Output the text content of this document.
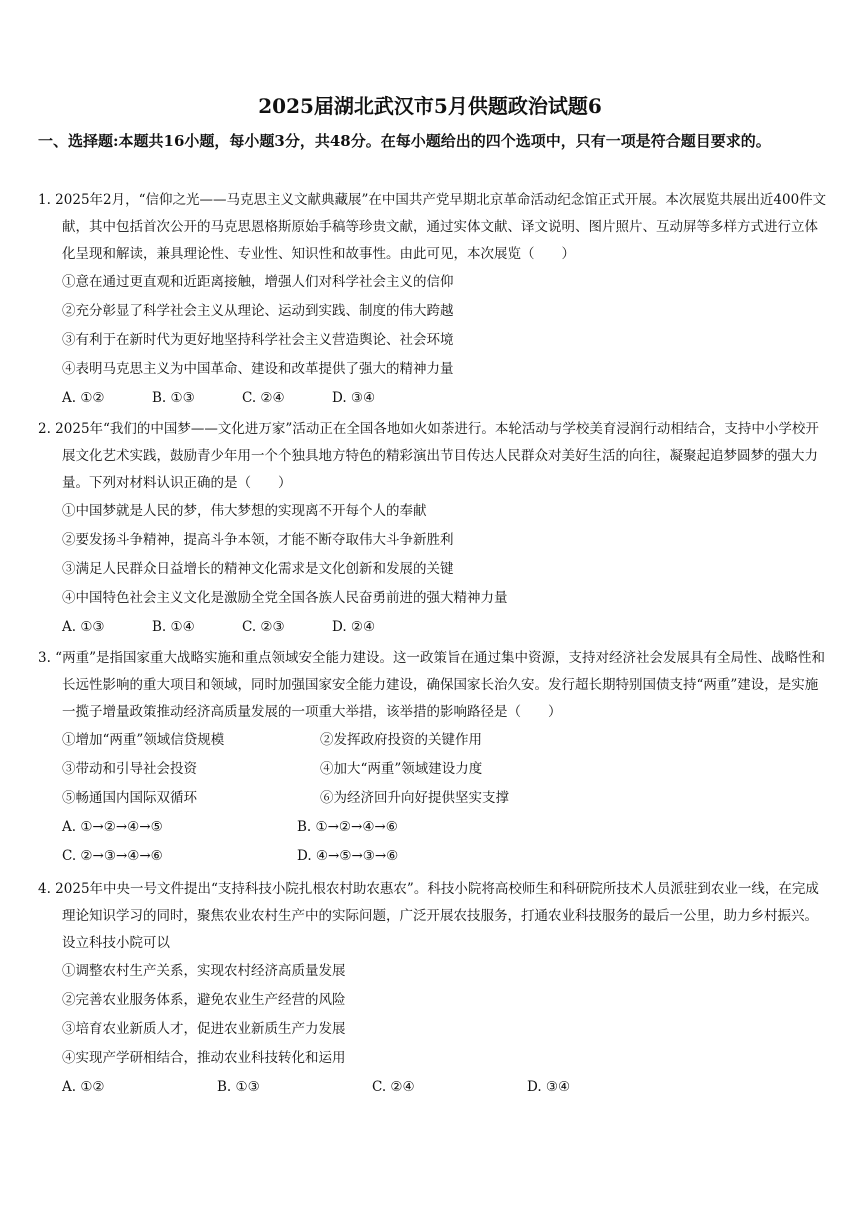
2025届湖北武汉市5月供题政治试题6
一、选择题:本题共16小题，每小题3分，共48分。在每小题给出的四个选项中，只有一项是符合题目要求的。
1. 2025年2月，“信仰之光——马克思主义文献典藏展”在中国共产党早期北京革命活动纪念馆正式开展。本次展览共展出近400件文献，其中包括首次公开的马克思恩格斯原始手稿等珍贵文献，通过实体文献、译文说明、图片照片、互动屏等多样方式进行立体化呈现和解读，兼具理论性、专业性、知识性和故事性。由此可见，本次展览（　　）
①意在通过更直观和近距离接触，增强人们对科学社会主义的信仰
②充分彰显了科学社会主义从理论、运动到实践、制度的伟大跨越
③有利于在新时代为更好地坚持科学社会主义营造舆论、社会环境
④表明马克思主义为中国革命、建设和改革提供了强大的精神力量
A. ①②	B. ①③	C. ②④	D. ③④
2. 2025年“我们的中国梦——文化进万家”活动正在全国各地如火如荼进行。本轮活动与学校美育浸润行动相结合，支持中小学校开展文化艺术实践，鼓励青少年用一个个独具地方特色的精彩演出节目传达人民群众对美好生活的向往，凝聚起追梦圆梦的强大力量。下列对材料认识正确的是（　　）
①中国梦就是人民的梦，伟大梦想的实现离不开每个人的奉献
②要发扬斗争精神，提高斗争本领，才能不断夺取伟大斗争新胜利
③满足人民群众日益增长的精神文化需求是文化创新和发展的关键
④中国特色社会主义文化是激励全党全国各族人民奋勇前进的强大精神力量
A. ①③	B. ①④	C. ②③	D. ②④
3. “两重”是指国家重大战略实施和重点领域安全能力建设。这一政策旨在通过集中资源，支持对经济社会发展具有全局性、战略性和长远性影响的重大项目和领域，同时加强国家安全能力建设，确保国家长治久安。发行超长期特别国债支持“两重”建设，是实施一揽子增量政策推动经济高质量发展的一项重大举措，该举措的影响路径是（　　）
①增加“两重”领域信贷规模	②发挥政府投资的关键作用
③带动和引导社会投资	④加大“两重”领域建设力度
⑤畅通国内国际双循环	⑥为经济回升向好提供坚实支撑
A. ①→②→④→⑤	B. ①→②→④→⑥
C. ②→③→④→⑥	D. ④→⑤→③→⑥
4. 2025年中央一号文件提出“支持科技小院扎根农村助农惠农”。科技小院将高校师生和科研院所技术人员派驻到农业一线，在完成理论知识学习的同时，聚焦农业农村生产中的实际问题，广泛开展农技服务，打通农业科技服务的最后一公里，助力乡村振兴。设立科技小院可以
①调整农村生产关系，实现农村经济高质量发展
②完善农业服务体系，避免农业生产经营的风险
③培育农业新质人才，促进农业新质生产力发展
④实现产学研相结合，推动农业科技转化和运用
A. ①②	B. ①③	C. ②④	D. ③④
